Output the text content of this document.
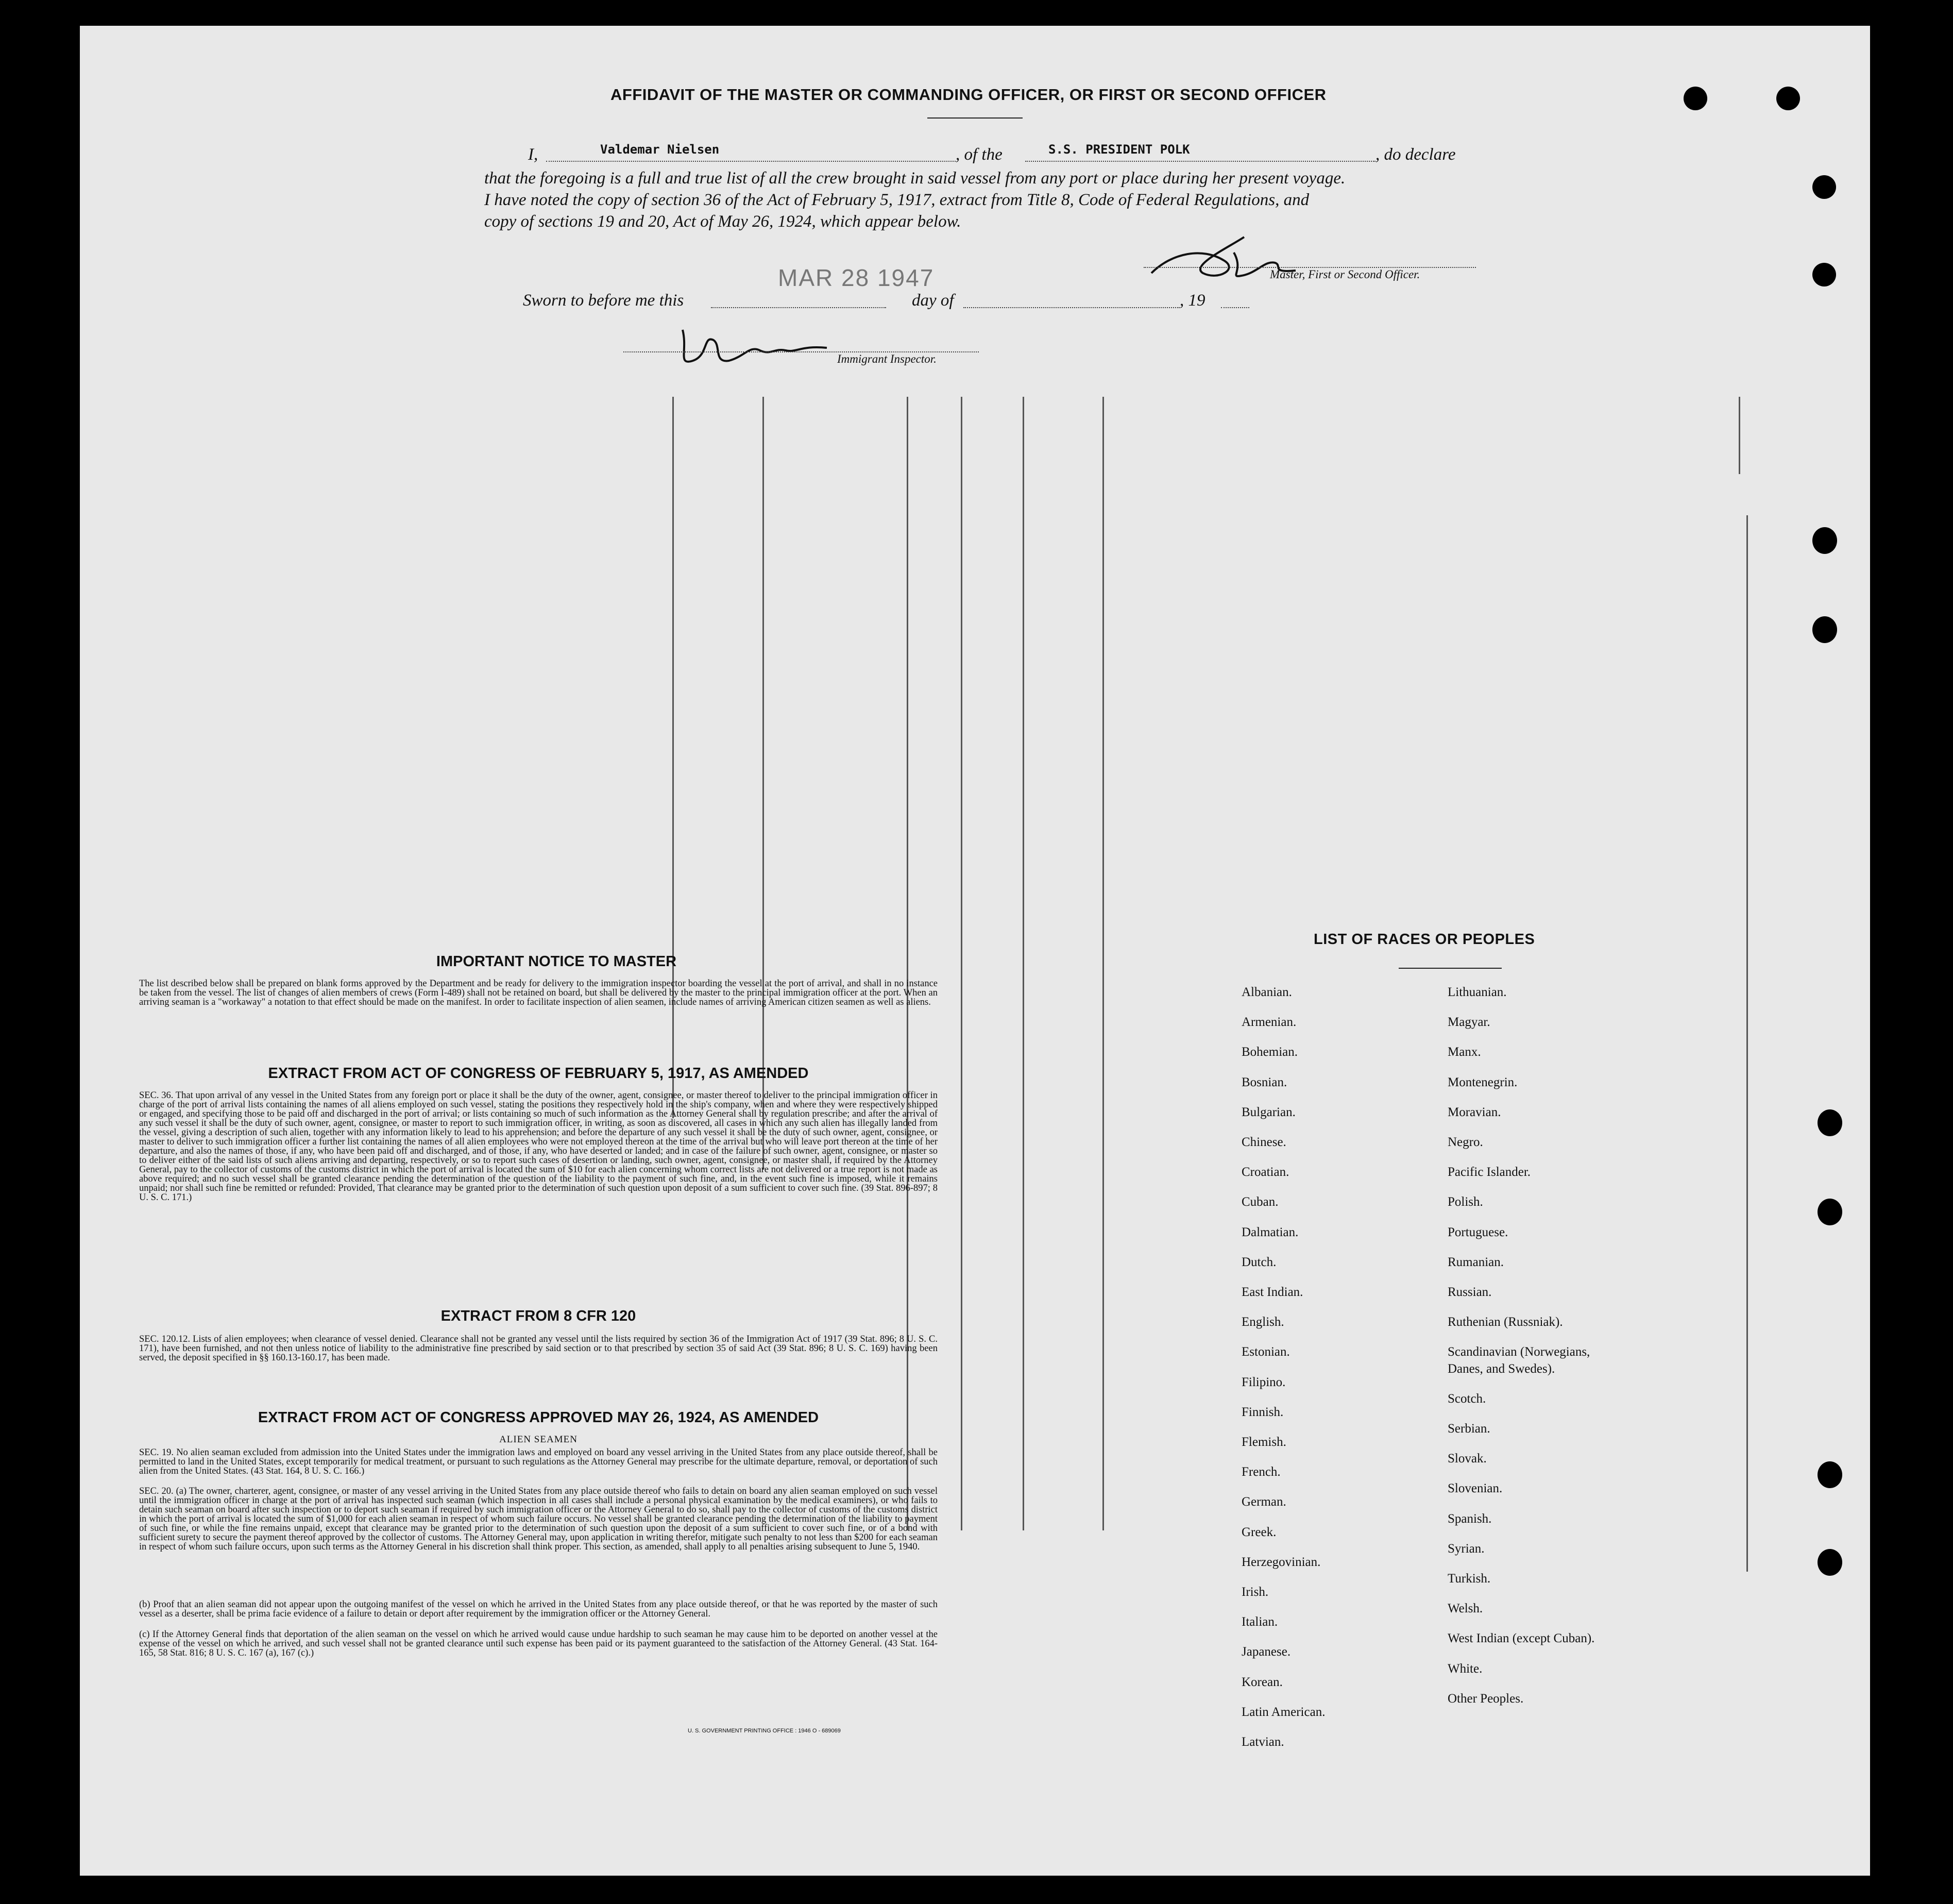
AFFIDAVIT OF THE MASTER OR COMMANDING OFFICER, OR FIRST OR SECOND OFFICER
I,	Valdemar Nielsen	, of the	S.S. PRESIDENT POLK	, do declare
that the foregoing is a full and true list of all the crew brought in said vessel from any port or place during her present voyage.
I have noted the copy of section 36 of the Act of February 5, 1917, extract from Title 8, Code of Federal Regulations, and
copy of sections 19 and 20, Act of May 26, 1924, which appear below.
Master, First or Second Officer.
Sworn to before me this
MAR 28 1947
day of	, 19
Immigrant Inspector.
IMPORTANT NOTICE TO MASTER
The list described below shall be prepared on blank forms approved by the Department and be ready for delivery to the immigration inspector boarding the vessel at the port of arrival, and shall in no instance be taken from the vessel. The list of changes of alien members of crews (Form I-489) shall not be retained on board, but shall be delivered by the master to the principal immigration officer at the port. When an arriving seaman is a "workaway" a notation to that effect should be made on the manifest. In order to facilitate inspection of alien seamen, include names of arriving American citizen seamen as well as aliens.
EXTRACT FROM ACT OF CONGRESS OF FEBRUARY 5, 1917, AS AMENDED
SEC. 36. That upon arrival of any vessel in the United States from any foreign port or place it shall be the duty of the owner, agent, consignee, or master thereof to deliver to the principal immigration officer in charge of the port of arrival lists containing the names of all aliens employed on such vessel, stating the positions they respectively hold in the ship's company, when and where they were respectively shipped or engaged, and specifying those to be paid off and discharged in the port of arrival; or lists containing so much of such information as the Attorney General shall by regulation prescribe; and after the arrival of any such vessel it shall be the duty of such owner, agent, consignee, or master to report to such immigration officer, in writing, as soon as discovered, all cases in which any such alien has illegally landed from the vessel, giving a description of such alien, together with any information likely to lead to his apprehension; and before the departure of any such vessel it shall be the duty of such owner, agent, consignee, or master to deliver to such immigration officer a further list containing the names of all alien employees who were not employed thereon at the time of the arrival but who will leave port thereon at the time of her departure, and also the names of those, if any, who have been paid off and discharged, and of those, if any, who have deserted or landed; and in case of the failure of such owner, agent, consignee, or master so to deliver either of the said lists of such aliens arriving and departing, respectively, or so to report such cases of desertion or landing, such owner, agent, consignee, or master shall, if required by the Attorney General, pay to the collector of customs of the customs district in which the port of arrival is located the sum of $10 for each alien concerning whom correct lists are not delivered or a true report is not made as above required; and no such vessel shall be granted clearance pending the determination of the question of the liability to the payment of such fine, and, in the event such fine is imposed, while it remains unpaid; nor shall such fine be remitted or refunded: Provided, That clearance may be granted prior to the determination of such question upon deposit of a sum sufficient to cover such fine. (39 Stat. 896-897; 8 U. S. C. 171.)
EXTRACT FROM 8 CFR 120
SEC. 120.12. Lists of alien employees; when clearance of vessel denied. Clearance shall not be granted any vessel until the lists required by section 36 of the Immigration Act of 1917 (39 Stat. 896; 8 U. S. C. 171), have been furnished, and not then unless notice of liability to the administrative fine prescribed by said section or to that prescribed by section 35 of said Act (39 Stat. 896; 8 U. S. C. 169) having been served, the deposit specified in §§ 160.13-160.17, has been made.
EXTRACT FROM ACT OF CONGRESS APPROVED MAY 26, 1924, AS AMENDED
ALIEN SEAMEN
SEC. 19. No alien seaman excluded from admission into the United States under the immigration laws and employed on board any vessel arriving in the United States from any place outside thereof, shall be permitted to land in the United States, except temporarily for medical treatment, or pursuant to such regulations as the Attorney General may prescribe for the ultimate departure, removal, or deportation of such alien from the United States. (43 Stat. 164, 8 U. S. C. 166.)
SEC. 20. (a) The owner, charterer, agent, consignee, or master of any vessel arriving in the United States from any place outside thereof who fails to detain on board any alien seaman employed on such vessel until the immigration officer in charge at the port of arrival has inspected such seaman (which inspection in all cases shall include a personal physical examination by the medical examiners), or who fails to detain such seaman on board after such inspection or to deport such seaman if required by such immigration officer or the Attorney General to do so, shall pay to the collector of customs of the customs district in which the port of arrival is located the sum of $1,000 for each alien seaman in respect of whom such failure occurs. No vessel shall be granted clearance pending the determination of the liability to payment of such fine, or while the fine remains unpaid, except that clearance may be granted prior to the determination of such question upon the deposit of a sum sufficient to cover such fine, or of a bond with sufficient surety to secure the payment thereof approved by the collector of customs. The Attorney General may, upon application in writing therefor, mitigate such penalty to not less than $200 for each seaman in respect of whom such failure occurs, upon such terms as the Attorney General in his discretion shall think proper. This section, as amended, shall apply to all penalties arising subsequent to June 5, 1940.
(b) Proof that an alien seaman did not appear upon the outgoing manifest of the vessel on which he arrived in the United States from any place outside thereof, or that he was reported by the master of such vessel as a deserter, shall be prima facie evidence of a failure to detain or deport after requirement by the immigration officer or the Attorney General.
(c) If the Attorney General finds that deportation of the alien seaman on the vessel on which he arrived would cause undue hardship to such seaman he may cause him to be deported on another vessel at the expense of the vessel on which he arrived, and such vessel shall not be granted clearance until such expense has been paid or its payment guaranteed to the satisfaction of the Attorney General. (43 Stat. 164-165, 58 Stat. 816; 8 U. S. C. 167 (a), 167 (c).)
U. S. GOVERNMENT PRINTING OFFICE : 1946 O - 689069
LIST OF RACES OR PEOPLES
Albanian.
Armenian.
Bohemian.
Bosnian.
Bulgarian.
Chinese.
Croatian.
Cuban.
Dalmatian.
Dutch.
East Indian.
English.
Estonian.
Filipino.
Finnish.
Flemish.
French.
German.
Greek.
Herzegovinian.
Irish.
Italian.
Japanese.
Korean.
Latin American.
Latvian.
Lithuanian.
Magyar.
Manx.
Montenegrin.
Moravian.
Negro.
Pacific Islander.
Polish.
Portuguese.
Rumanian.
Russian.
Ruthenian (Russniak).
Scandinavian (Norwegians,
Danes, and Swedes).
Scotch.
Serbian.
Slovak.
Slovenian.
Spanish.
Syrian.
Turkish.
Welsh.
West Indian (except Cuban).
White.
Other Peoples.
